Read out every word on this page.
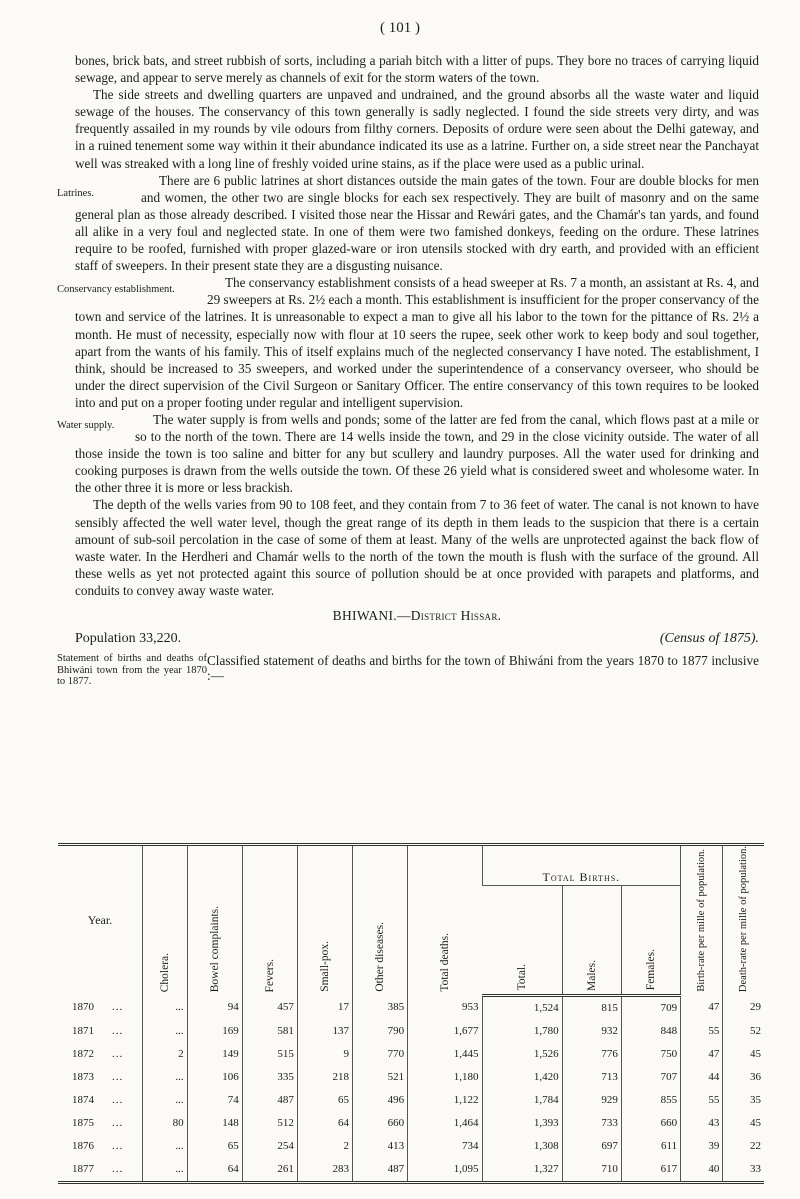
( 101 )

bones, brick bats, and street rubbish of sorts, including a pariah bitch with a litter of pups. They bore no traces of carrying liquid sewage, and appear to serve merely as channels of exit for the storm waters of the town.

The side streets and dwelling quarters are unpaved and undrained, and the ground absorbs all the waste water and liquid sewage of the houses. The conservancy of this town generally is sadly neglected. I found the side streets very dirty, and was frequently assailed in my rounds by vile odours from filthy corners. Deposits of ordure were seen about the Delhi gateway, and in a ruined tenement some way within it their abundance indicated its use as a latrine. Further on, a side street near the Panchayat well was streaked with a long line of freshly voided urine stains, as if the place were used as a public urinal.

Latrines.
There are 6 public latrines at short distances outside the main gates of the town. Four are double blocks for men and women, the other two are single blocks for each sex respectively. They are built of masonry and on the same general plan as those already described. I visited those near the Hissar and Rewári gates, and the Chamár's tan yards, and found all alike in a very foul and neglected state. In one of them were two famished donkeys, feeding on the ordure. These latrines require to be roofed, furnished with proper glazed-ware or iron utensils stocked with dry earth, and provided with an efficient staff of sweepers. In their present state they are a disgusting nuisance.

Conservancy establishment.	The conservancy establishment consists of a head sweeper at Rs. 7 a month, an assistant at Rs. 4, and 29 sweepers at Rs. 2½ each a month. This establishment is insufficient for the proper conservancy of the town and service of the latrines. It is unreasonable to expect a man to give all his labor to the town for the pittance of Rs. 2½ a month. He must of necessity, especially now with flour at 10 seers the rupee, seek other work to keep body and soul together, apart from the wants of his family. This of itself explains much of the neglected conservancy I have noted. The establishment, I think, should be increased to 35 sweepers, and worked under the superintendence of a conservancy overseer, who should be under the direct supervision of the Civil Surgeon or Sanitary Officer. The entire conservancy of this town requires to be looked into and put on a proper footing under regular and intelligent supervision.

Water supply.	The water supply is from wells and ponds; some of the latter are fed from the canal, which flows past at a mile or so to the north of the town. There are 14 wells inside the town, and 29 in the close vicinity outside. The water of all those inside the town is too saline and bitter for any but scullery and laundry purposes. All the water used for drinking and cooking purposes is drawn from the wells outside the town. Of these 26 yield what is considered sweet and wholesome water. In the other three it is more or less brackish.

The depth of the wells varies from 90 to 108 feet, and they contain from 7 to 36 feet of water. The canal is not known to have sensibly affected the well water level, though the great range of its depth in them leads to the suspicion that there is a certain amount of sub-soil percolation in the case of some of them at least. Many of the wells are unprotected against the back flow of waste water. In the Herdheri and Chamár wells to the north of the town the mouth is flush with the surface of the ground. All these wells as yet not protected againt this source of pollution should be at once provided with parapets and platforms, and conduits to convey away waste water.

BHIWANI.—District Hissar.
Population 33,220.	(Census of 1875).
Statement of births and deaths of Bhiwáni town from the year 1870 to 1877.
Classified statement of deaths and births for the town of Bhiwáni from the years 1870 to 1877 inclusive :—
Year.	Cholera.	Bowel complaints.	Fevers.	Small-pox.	Other diseases.	Total deaths.	Total Births.			Birth-rate per mille of population.	Death-rate per mille of population.
							Total.	Males.	Females.		
1870 ...	...	94	457	17	385	953	1,524	815	709	47	29
1871 ...	...	169	581	137	790	1,677	1,780	932	848	55	52
1872 ...	2	149	515	9	770	1,445	1,526	776	750	47	45
1873 ...	...	106	335	218	521	1,180	1,420	713	707	44	36
1874 ...	...	74	487	65	496	1,122	1,784	929	855	55	35
1875 ...	80	148	512	64	660	1,464	1,393	733	660	43	45
1876 ...	...	65	254	2	413	734	1,308	697	611	39	22
1877 ...	...	64	261	283	487	1,095	1,327	710	617	40	33
